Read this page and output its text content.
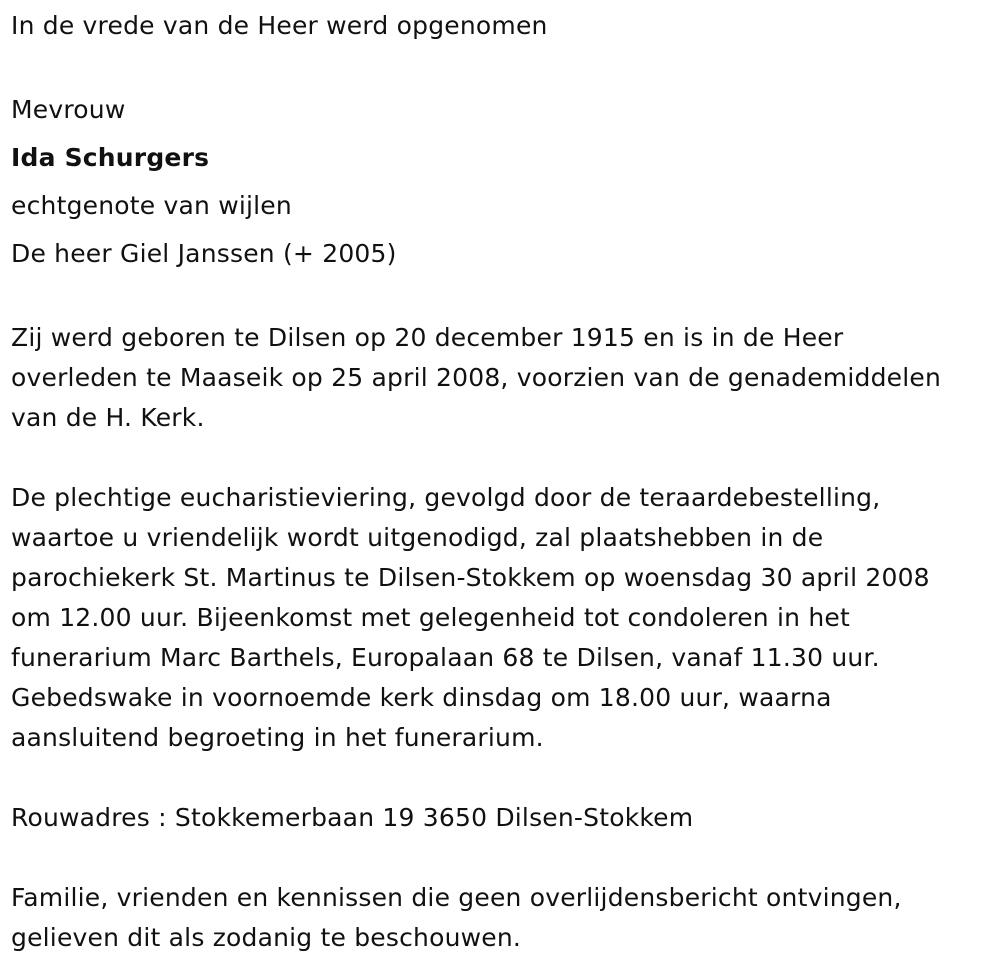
In de vrede van de Heer werd opgenomen
Mevrouw
Ida Schurgers
echtgenote van wijlen
De heer Giel Janssen (+ 2005)
Zij werd geboren te Dilsen op 20 december 1915 en is in de Heer
overleden te Maaseik op 25 april 2008, voorzien van de genademiddelen
van de H. Kerk.
De plechtige eucharistieviering, gevolgd door de teraardebestelling,
waartoe u vriendelijk wordt uitgenodigd, zal plaatshebben in de
parochiekerk St. Martinus te Dilsen-Stokkem op woensdag 30 april 2008
om 12.00 uur. Bijeenkomst met gelegenheid tot condoleren in het
funerarium Marc Barthels, Europalaan 68 te Dilsen, vanaf 11.30 uur.
Gebedswake in voornoemde kerk dinsdag om 18.00 uur, waarna
aansluitend begroeting in het funerarium.
Rouwadres : Stokkemerbaan 19 3650 Dilsen-Stokkem
Familie, vrienden en kennissen die geen overlijdensbericht ontvingen,
gelieven dit als zodanig te beschouwen.
